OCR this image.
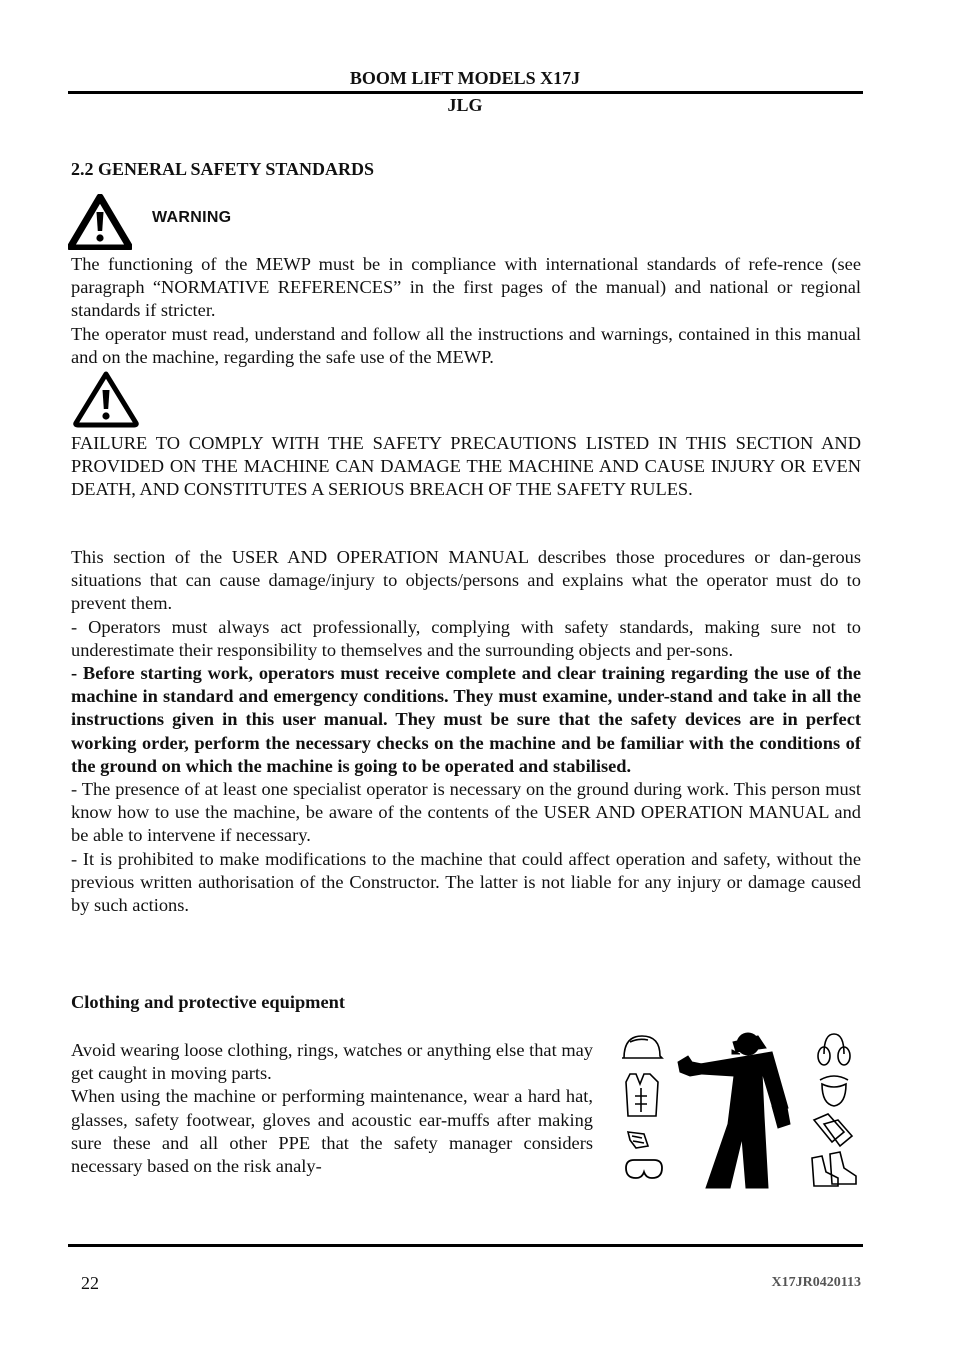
BOOM LIFT MODELS X17J
JLG
2.2 GENERAL SAFETY STANDARDS
WARNING

The functioning of the MEWP must be in compliance with international standards of refe-rence (see paragraph “NORMATIVE REFERENCES” in the first pages of the manual) and national or regional standards if stricter.

The operator must read, understand and follow all the instructions and warnings, contained in this manual and on the machine, regarding the safe use of the MEWP.

FAILURE TO COMPLY WITH THE SAFETY PRECAUTIONS LISTED IN THIS SECTION AND PROVIDED ON THE MACHINE CAN DAMAGE THE MACHINE AND CAUSE INJURY OR EVEN DEATH, AND CONSTITUTES A SERIOUS BREACH OF THE SAFETY RULES.

This section of the USER AND OPERATION MANUAL describes those procedures or dan-gerous situations that can cause damage/injury to objects/persons and explains what the operator must do to prevent them.

- Operators must always act professionally, complying with safety standards, making sure not to underestimate their responsibility to themselves and the surrounding objects and per-sons.

- Before starting work, operators must receive complete and clear training regarding the use of the machine in standard and emergency conditions. They must examine, under-stand and take in all the instructions given in this user manual. They must be sure that the safety devices are in perfect working order, perform the necessary checks on the machine and be familiar with the conditions of the ground on which the machine is going to be operated and stabilised.

- The presence of at least one specialist operator is necessary on the ground during work. This person must know how to use the machine, be aware of the contents of the USER AND OPERATION MANUAL and be able to intervene if necessary.

- It is prohibited to make modifications to the machine that could affect operation and safety, without the previous written authorisation of the Constructor. The latter is not liable for any injury or damage caused by such actions.

Clothing and protective equipment

Avoid wearing loose clothing, rings, watches or anything else that may get caught in moving parts.

When using the machine or performing maintenance, wear a hard hat, glasses, safety footwear, gloves and acoustic ear-muffs after making sure these and all other PPE that the safety manager considers necessary based on the risk analy-

22	X17JR0420113
